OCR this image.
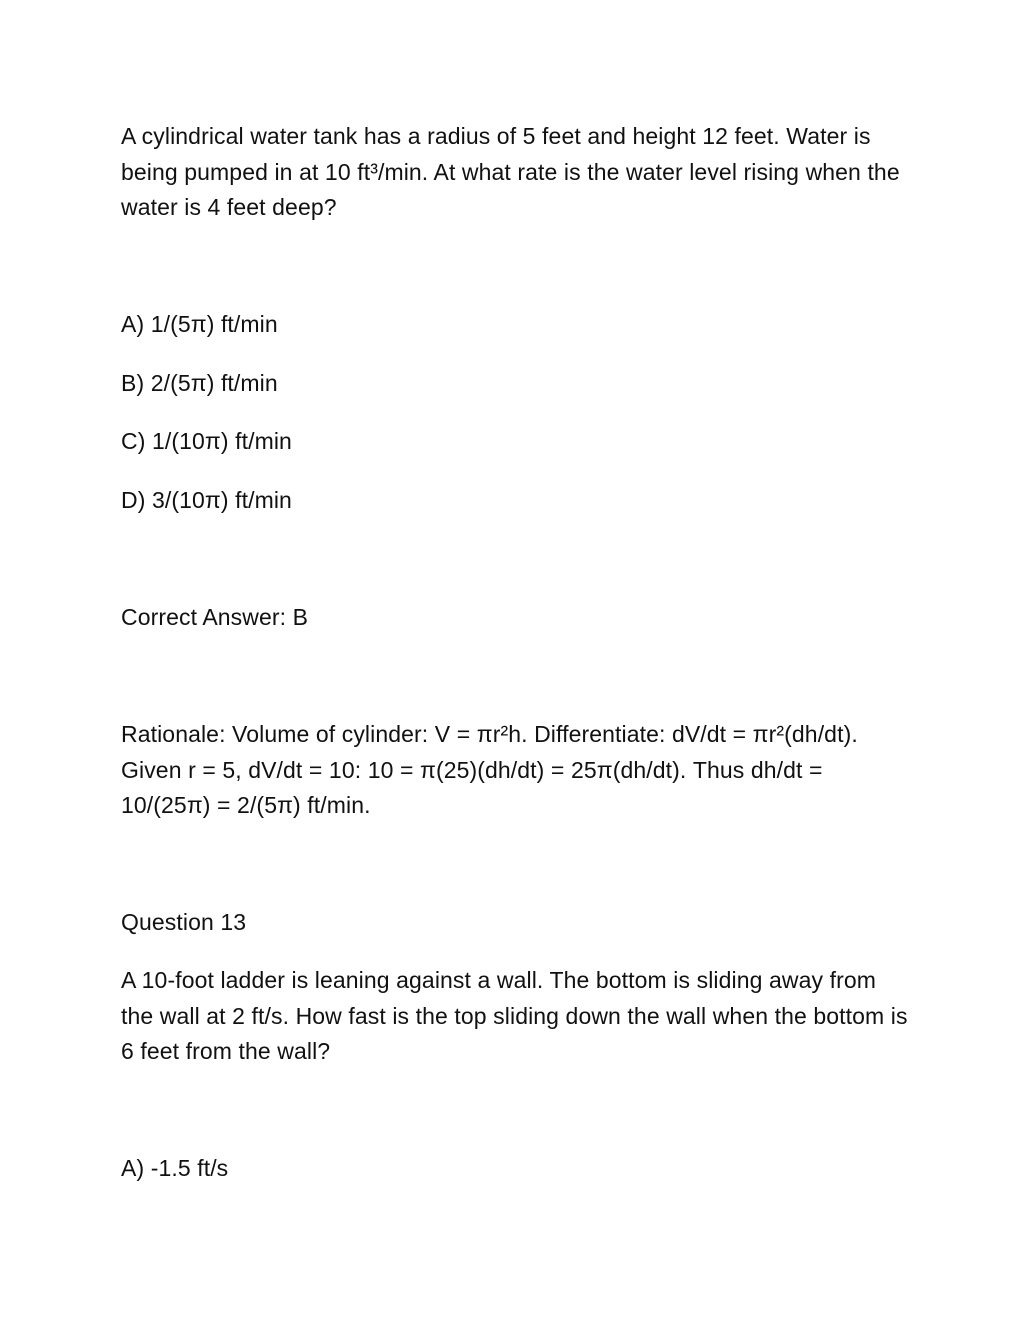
A cylindrical water tank has a radius of 5 feet and height 12 feet. Water is being pumped in at 10 ft³/min. At what rate is the water level rising when the water is 4 feet deep?

A) 1/(5π) ft/min

B) 2/(5π) ft/min

C) 1/(10π) ft/min

D) 3/(10π) ft/min

Correct Answer: B

Rationale: Volume of cylinder: V = πr²h. Differentiate: dV/dt = πr²(dh/dt). Given r = 5, dV/dt = 10: 10 = π(25)(dh/dt) = 25π(dh/dt). Thus dh/dt = 10/(25π) = 2/(5π) ft/min.

Question 13

A 10-foot ladder is leaning against a wall. The bottom is sliding away from the wall at 2 ft/s. How fast is the top sliding down the wall when the bottom is 6 feet from the wall?

A) -1.5 ft/s
